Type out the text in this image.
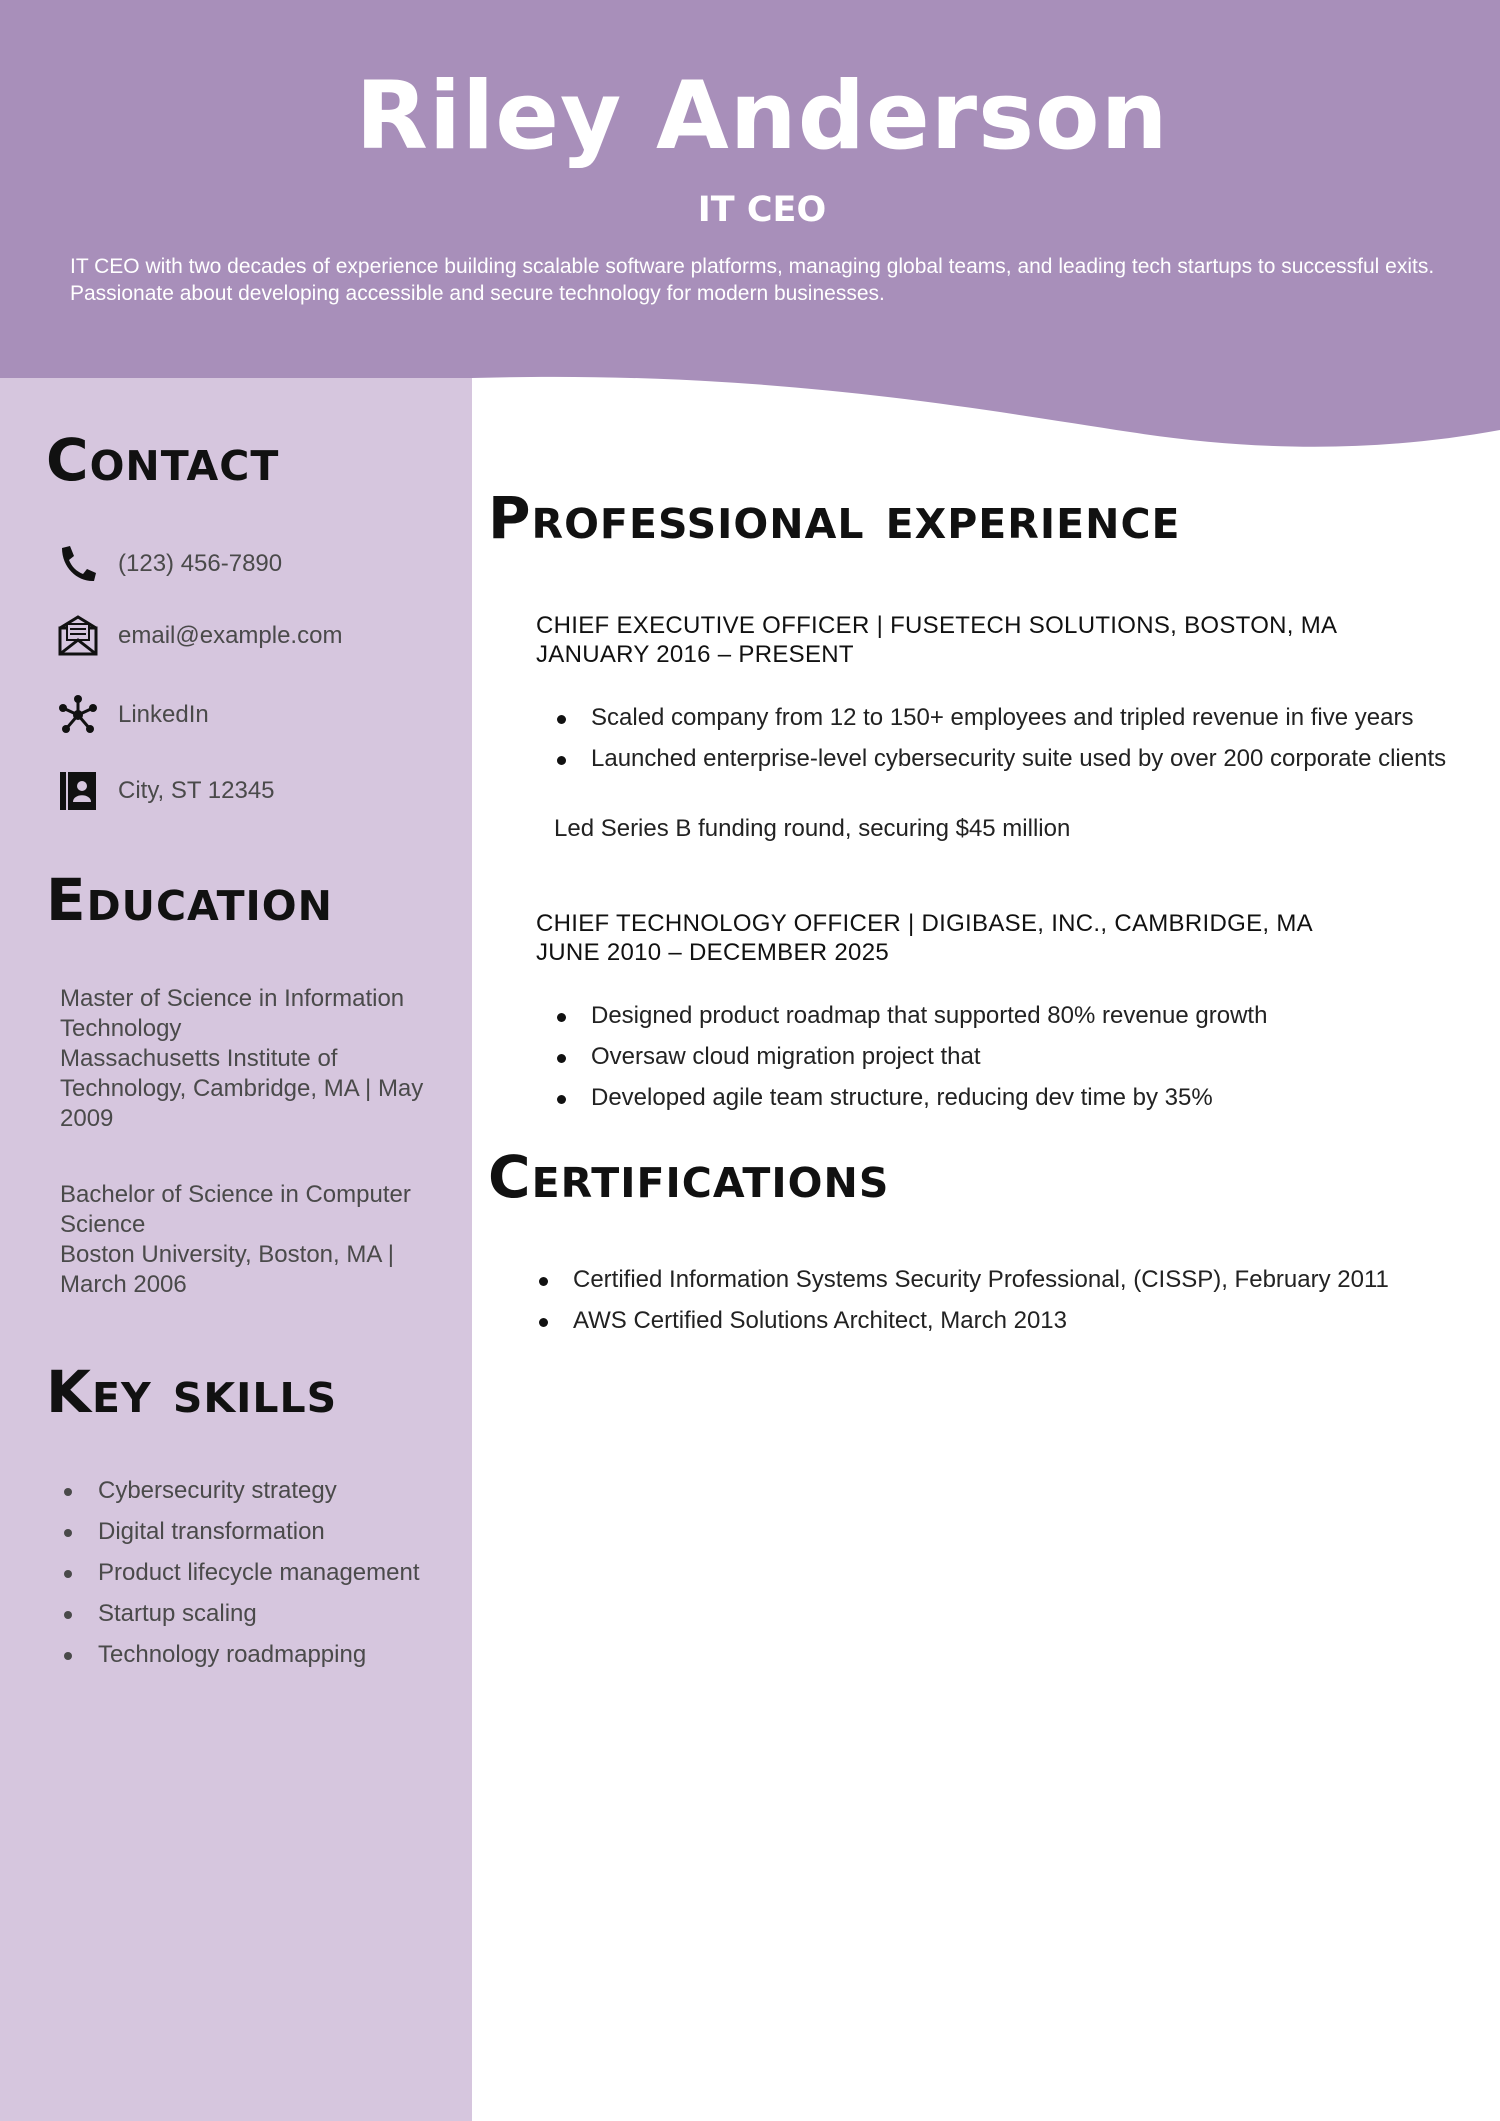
Riley Anderson
IT CEO
IT CEO with two decades of experience building scalable software platforms, managing global teams, and leading tech startups to successful exits. Passionate about developing accessible and secure technology for modern businesses.
Contact
(123) 456-7890
email@example.com
LinkedIn
City, ST 12345
Education
Master of Science in Information Technology
Massachusetts Institute of Technology, Cambridge, MA | May 2009
Bachelor of Science in Computer Science
Boston University, Boston, MA | March 2006
Key skills
Cybersecurity strategy
Digital transformation
Product lifecycle management
Startup scaling
Technology roadmapping
Professional experience
CHIEF EXECUTIVE OFFICER | FUSETECH SOLUTIONS, BOSTON, MA
JANUARY 2016 – PRESENT
Scaled company from 12 to 150+ employees and tripled revenue in five years
Launched enterprise-level cybersecurity suite used by over 200 corporate clients
Led Series B funding round, securing $45 million
CHIEF TECHNOLOGY OFFICER | DIGIBASE, INC., CAMBRIDGE, MA
JUNE 2010 – DECEMBER 2025
Designed product roadmap that supported 80% revenue growth
Oversaw cloud migration project that
Developed agile team structure, reducing dev time by 35%
Certifications
Certified Information Systems Security Professional, (CISSP), February 2011
AWS Certified Solutions Architect, March 2013
